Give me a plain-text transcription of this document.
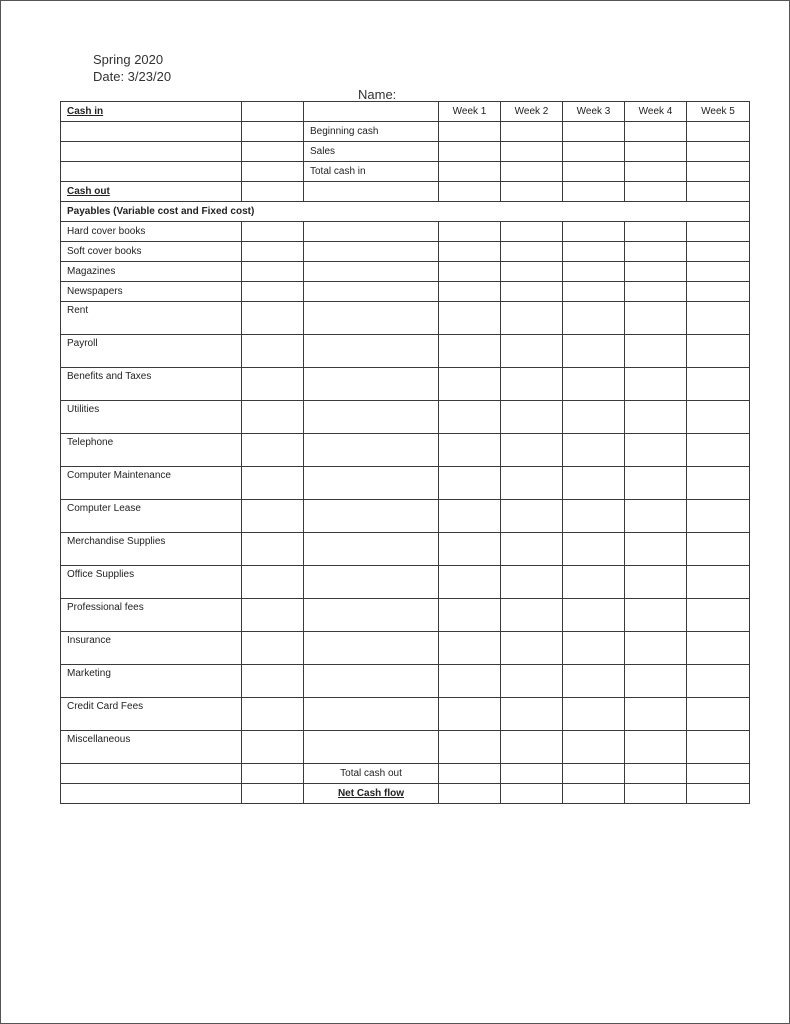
Spring 2020
Date: 3/23/20
Name:
Cash in			Week 1	Week 2	Week 3	Week 4	Week 5
		Beginning cash					
		Sales					
		Total cash in					
Cash out							
Payables (Variable cost and Fixed cost)							
Hard cover books							
Soft cover books							
Magazines							
Newspapers							
Rent							
Payroll							
Benefits and Taxes							
Utilities							
Telephone							
Computer Maintenance							
Computer Lease							
Merchandise Supplies							
Office Supplies							
Professional fees							
Insurance							
Marketing							
Credit Card Fees							
Miscellaneous							
		Total cash out					
		Net Cash flow					
